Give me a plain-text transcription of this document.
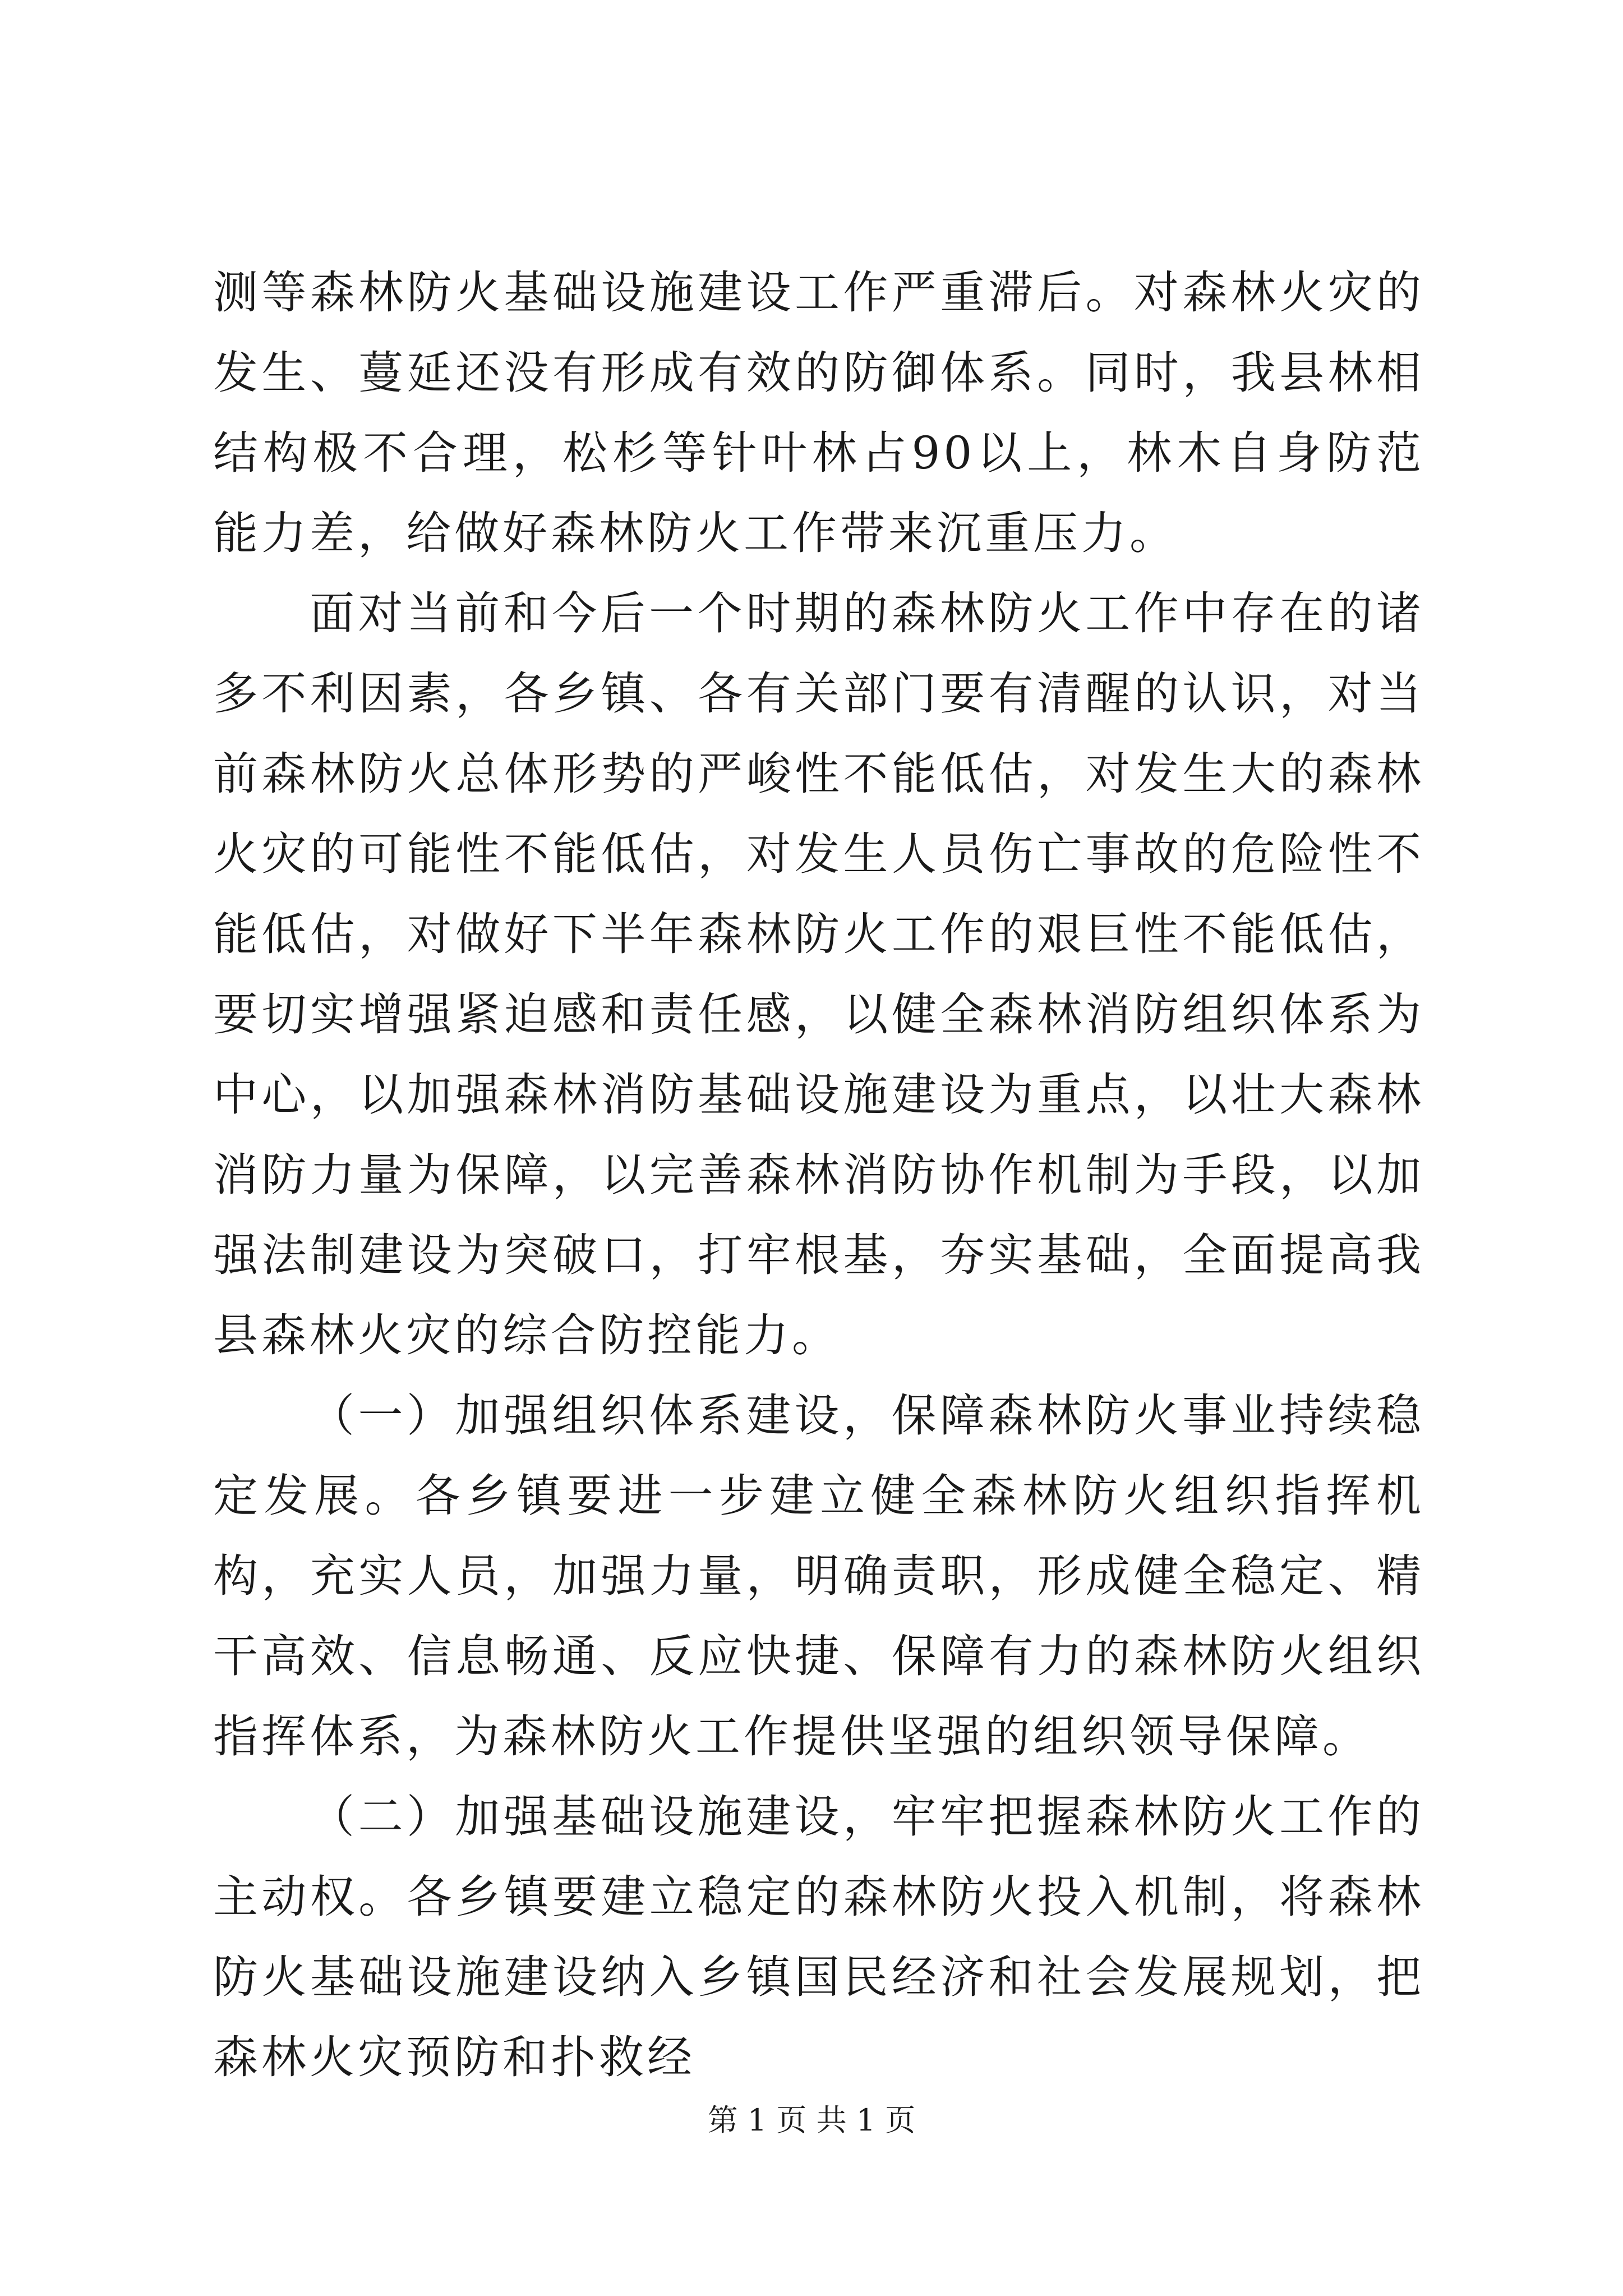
测等森林防火基础设施建设工作严重滞后。对森林火灾的发生、蔓延还没有形成有效的防御体系。同时，我县林相结构极不合理，松杉等针叶林占90以上，林木自身防范能力差，给做好森林防火工作带来沉重压力。

面对当前和今后一个时期的森林防火工作中存在的诸多不利因素，各乡镇、各有关部门要有清醒的认识，对当前森林防火总体形势的严峻性不能低估，对发生大的森林火灾的可能性不能低估，对发生人员伤亡事故的危险性不能低估，对做好下半年森林防火工作的艰巨性不能低估，要切实增强紧迫感和责任感，以健全森林消防组织体系为中心，以加强森林消防基础设施建设为重点，以壮大森林消防力量为保障，以完善森林消防协作机制为手段，以加强法制建设为突破口，打牢根基，夯实基础，全面提高我县森林火灾的综合防控能力。

（一）加强组织体系建设，保障森林防火事业持续稳定发展。各乡镇要进一步建立健全森林防火组织指挥机构，充实人员，加强力量，明确责职，形成健全稳定、精干高效、信息畅通、反应快捷、保障有力的森林防火组织指挥体系，为森林防火工作提供坚强的组织领导保障。

（二）加强基础设施建设，牢牢把握森林防火工作的主动权。各乡镇要建立稳定的森林防火投入机制，将森林防火基础设施建设纳入乡镇国民经济和社会发展规划，把森林火灾预防和扑救经

第 1 页 共 1 页
